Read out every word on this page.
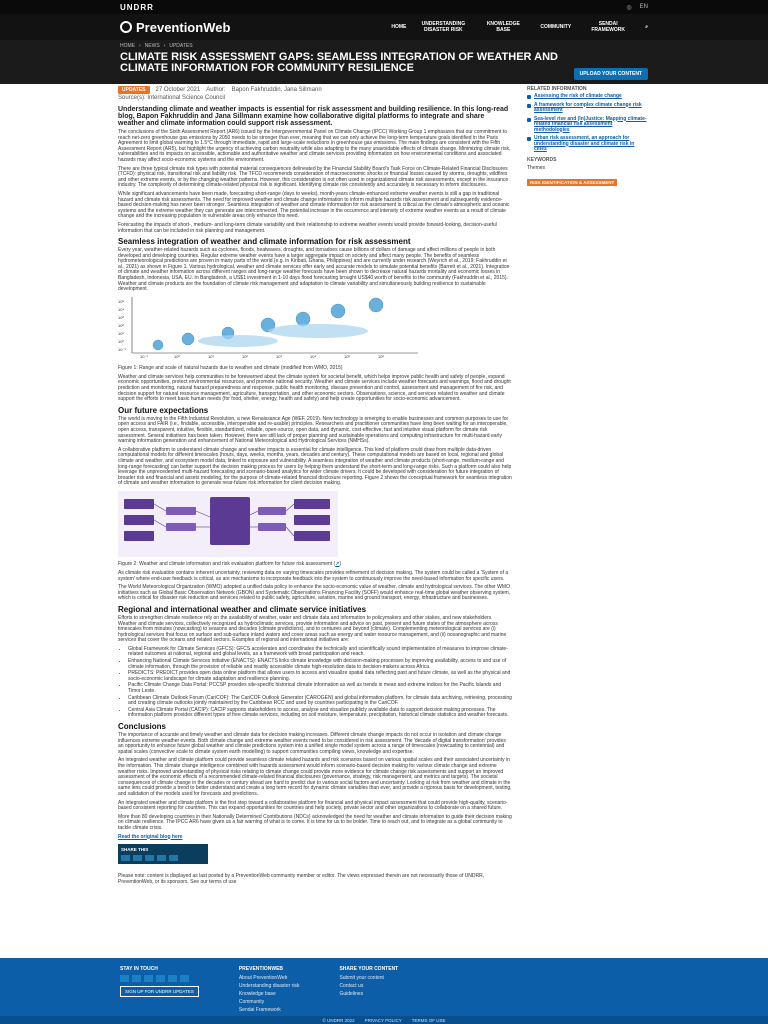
UNDRR	◎ EN
PreventionWeb	HOME	UNDERSTANDING DISASTER RISK
KNOWLEDGE BASE	COMMUNITY	SENDAI FRAMEWORK	⌕
HOME › NEWS › UPDATES
CLIMATE RISK ASSESSMENT GAPS: SEAMLESS INTEGRATION OF WEATHER AND CLIMATE INFORMATION FOR COMMUNITY RESILIENCE	UPLOAD YOUR CONTENT
UPDATES	27 October 2021 Author: Bapon Fakhruddin, Jana Sillmann
Source(s): International Science Council

Understanding climate and weather impacts is essential for risk assessment and building resilience. In this long-read blog, Bapon Fakhruddin and Jana Sillmann examine how collaborative digital platforms to integrate and share weather and climate information could support risk assessment.

The conclusions of the Sixth Assessment Report (AR6) issued by the Intergovernmental Panel on Climate Change (IPCC) Working Group 1 emphasizes that our commitment to reach net-zero greenhouse gas emissions by 2050 needs to be stronger than ever, meaning that we can only achieve the long-term temperature goals identified in the Paris Agreement to limit global warming to 1.5°C through immediate, rapid and large-scale reductions in greenhouse gas emissions. The main findings are consistent with the Fifth Assessment Report (AR5), but highlight the urgency of achieving carbon neutrality while also adapting to the many unavoidable effects of climate change. Minimizing climate risk, vulnerabilities and its impacts on accessible, actionable and authoritative weather and climate services providing information on how environmental conditions and associated hazards may affect socio-economic systems and the environment.

There are three typical climate risk types with potential material consequences delineated by the Financial Stability Board's Task Force on Climate-Related Financial Disclosures (TCFD): physical risk, transitional risk and liability risk. The TFCD recommends consideration of macroeconomic shocks or financial losses caused by storms, droughts, wildfires and other extreme events, or by the changing weather patterns. However, this consideration is not often used in organizational climate risk assessments, except in the insurance industry. The complexity of determining climate-related physical risk is significant. Identifying climate risk consistently and accurately is necessary to inform disclosures.

While significant advancements have been made, forecasting short-range (days to weeks), month-years climate-enhanced extreme weather events is still a gap in traditional hazard and climate risk assessments. The need for improved weather and climate change information to inform multiple hazards risk assessment and subsequently evidence-based decision-making has never been stronger. Seamless integration of weather and climate information for risk assessment is critical as the climate's atmospheric and oceanic systems and the extreme weather they can generate are interconnected. The potential increase in the occurrence and intensity of extreme weather events as a result of climate change and the increasing population in vulnerable areas only enhance this need.

Forecasting the impacts of short-, medium- and long-term climate variability and their relationship to extreme weather events would provide forward-looking, decision-useful information that can be included in risk planning and management.

Seamless integration of weather and climate information for risk assessment

Every year, weather-related hazards such as cyclones, floods, heatwaves, droughts, and tornadoes cause billions of dollars of damage and affect millions of people in both developed and developing countries. Regular extreme weather events have a larger aggregate impact on society and affect many people. The benefits of seamless hydrometeorological predictions are proven in many parts of the world (e.g. in Kiribati, Ghana, Philippines) and are currently under research (Weyrich et al., 2019; Fakhruddin et al., 2021) as shown in Figure 1. Various hydrological, weather and climate services offer early and accurate models to simulate potential benefits (Barrett et al., 2021). Integration of climate and weather information across different ranges and long-range weather forecasts have been shown to decrease natural hazards mortality and economic losses in Bangladesh, Indonesia, USA, EU. In Bangladesh, a US$1 investment in 1-10 days flood forecasting brought US$40 worth of benefits to the community (Fakhruddin et al., 2015). Weather and climate products are the foundation of climate risk management and adaptation to climate variability and simultaneously building resilience to sustainable development.

10⁵
10⁴
10³
10²
10¹
10⁰
10⁻¹
10⁻¹	10⁰	10¹	10²	10³	10⁴	10⁵	10⁶

Figure 1: Range and scale of natural hazards due to weather and climate (modified from WMO, 2015)

Weather and climate services help communities to be forewarned about the climate system for societal benefit, which helps improve public health and safety of people, expand economic opportunities, protect environmental resources, and promote national security. Weather and climate services include weather forecasts and warnings, flood and drought prediction and monitoring, natural hazard preparedness and response, public health monitoring, disease prevention and control, assessment and management of fire risk, and decision support for natural resource management, agriculture, transportation, and other economic sectors. Observations, science, and services related to weather and climate support the efforts to meet basic human needs (for food, shelter, energy, health and safety) and help create opportunities for socio-economic advancement.

Our future expectations

The world is moving to the Fifth Industrial Revolution, a new Renaissance Age (WEF, 2019). New technology is emerging to enable businesses and common purposes to use for open access and FAIR (i.e., findable, accessible, interoperable and re-usable) principles. Researchers and practitioner communities have long been waiting for an interoperable, open access, transparent, intuitive, flexible, standardized, reliable, open-source, open data, and dynamic, cost-effective, fast and intuitive visual platform for climate risk assessment. Several initiatives has been taken. However, there are still lack of proper planning and sustainable operations and computing infrastructure for multi-hazard early warning information generation and enhancement of National Meteorological and Hydrological Services (NMHSs).

A collaborative platform to understand climate change and weather impacts is essential for climate intelligence. This kind of platform could draw from multiple data-driven computational models for different timescales (hours, days, weeks, months, years, decades and century). These computational models are based on local, regional and global climate and weather, and ecosystem model data, linked to exposure and vulnerability. A seamless integration of weather and climate products (short-range, medium-range and long-range forecasting) can better support the decision making process for users by helping them understand the short-term and long-range risks. Such a platform could also help leverage the unprecedented multi-hazard forecasting and scenario-based analytics for wider climate drivers. It could be developed with consideration for future integration of broader risk and financial and assets modeling, for the purpose of climate-related financial disclosure reporting. Figure 2 shows the conceptual framework for seamless integration of climate and weather information to generate near-future risk information for client decision making.

Figure 2: Weather and climate information and risk evaluation platform for future risk assessment (↗)

As climate risk evaluation contains inherent uncertainty, reviewing data on varying timescales provides refinement of decision making. The system could be called a 'System of a system' where end-user feedback is critical, as are mechanisms to incorporate feedback into the system to continuously improve the need-based information for specific users.

The World Meteorological Organization (WMO) adopted a unified data policy to enhance the socio-economic value of weather, climate and hydrological services. The other WMO initiatives such as Global Basic Observation Network (GBON) and Systematic Observations Financing Facility (SOFF) would enhance real-time global weather observing system, which is critical for disaster risk reduction and services related to public safety, agriculture, aviation, marine and ground transport, energy, infrastructure and businesses.

Regional and international weather and climate service initiatives

Efforts to strengthen climate resilience rely on the availability of weather, water and climate data and information to policymakers and other stakes, and new stakeholders. Weather and climate services, collectively recognized as hydroclimatic services, provide information and advice on past, present and future states of the atmosphere across timescales from minutes (nowcasting) to seasons and decades (climate predictions), and to centuries and beyond (climate). Complementing meteorological services are (i) hydrological services that focus on surface and sub-surface inland waters and cover areas such as energy and water resource management, and (ii) oceanographic and marine services that cover the oceans and related sectors. Examples of regional and international initiatives are:

• Global Framework for Climate Services (GFCS): GFCS accelerates and coordinates the technically and scientifically sound implementation of measures to improve climate-related outcomes at national, regional and global levels, as a framework with broad participation and reach.
• Enhancing National Climate Services initiative (ENACTS): ENACTS links climate knowledge with decision-making processes by improving availability, access to and use of climate information, through the provision of reliable and readily accessible climate high-resolution data to decision-makers across Africa.
• PREDICTS: PREDICT provides open data online platform that allows users to access and visualize spatial data reflecting past and future climate, as well as the physical and socio-economic landscape for climate adaptation and resilience planning.
• Pacific Climate Change Data Portal: PCCSP provides site-specific historical climate information as well as trends in mean and extreme indices for the Pacific Islands and Timor Leste.
• Caribbean Climate Outlook Forum (CariCOF): The CariCOF Outlook Generator (CAROGEN) and global information platform, for climate data archiving, retrieving, processing and creating climate outlooks jointly maintained by the Caribbean RCC and used by countries participating in the CariCOF.
• Central Asia Climate Portal (CACIP): CACIP supports stakeholders to access, analyse and visualize publicly available data to support decision making processes. The information platform provides different types of free climate services, including on soil moisture, temperature, precipitation, historical climate statistics and weather forecasts.
Conclusions

The importance of accurate and timely weather and climate data for decision making increases. Different climate change impacts do not occur in isolation and climate change influences extreme weather events. Both climate change and extreme weather events need to be considered in risk assessment. The 'decade of digital transformation' provides an opportunity to enhance future global weather and climate predictions system into a unified single model system across a range of timescales (nowcasting to centennial) and spatial scales (convective scale to climate system earth modelling) to support communities compiling views, knowledge and expertise.

An integrated weather and climate platform could provide seamless climate related hazards and risk scenarios based on various spatial scales and their associated uncertainty in the information. This climate change intelligence combined with hazards assessment would inform scenario-based decision making for various climate change and extreme weather risks. Improved understanding of physical risks relating to climate change could provide more evidence for climate change risk assessments and support an improved assessment of the economic effects of a recommended climate-related financial disclosures (governance, strategy, risk management, and metrics and targets). The societal consequences of climate change in the decades or century ahead are hard to predict due to various social factors and uncertainty. Looking at risk from weather and climate in the same lens could provide a trend to better understand and create a long term record for dynamic climate variables than ever, and provide a rigorous basis for development, testing, and validation of the models used for forecasts and predictions.

An integrated weather and climate platform is the first step toward a collaborative platform for financial and physical impact assessment that could provide high-quality, scenario-based consistent reporting for countries. This can expand opportunities for countries and help society, private sector and other organizations to collaborate on a shared future.

More than 80 developing countries in their Nationally Determined Contributions (NDCs) acknowledged the need for weather and climate information to guide their decision making on climate resilience. The IPCC AR6 have given us a fair warning of what is to come. It is time for us to be bolder. Time to reach out, and to integrate as a global community to tackle climate crisis.

Read the original blog here

SHARE THIS

Please note: content is displayed as last posted by a PreventionWeb community member or editor. The views expressed therein are not necessarily those of UNDRR, PreventionWeb, or its sponsors. See our terms of use

RELATED INFORMATION
Assessing the risk of climate change
A framework for complex climate change risk assessment
Sea-level rise and (In)Justice: Mapping climate-related financial risk assessment methodologies
Urban risk assessment, an approach for understanding disaster and climate risk in cities
KEYWORDS
Themes
RISK IDENTIFICATION & ASSESSMENT
STAY IN TOUCH
SIGN UP FOR UNDRR UPDATES
PREVENTIONWEB
About PreventionWeb
Understanding disaster risk
Knowledge base
Community
Sendai Framework
SHARE YOUR CONTENT
Submit your content
Contact us
Guidelines
© UNDRR 2022 PRIVACY POLICY TERMS OF USE
